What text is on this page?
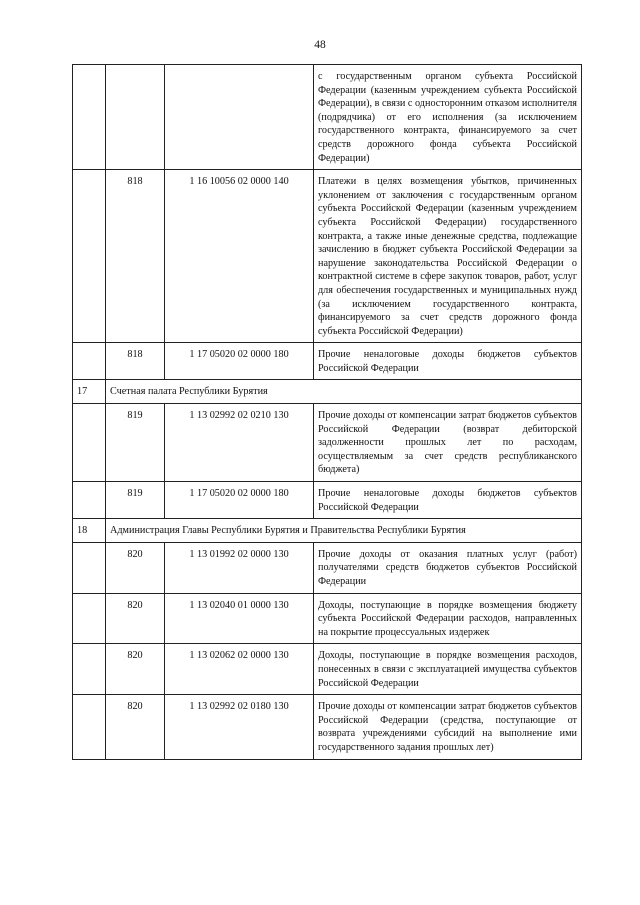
48
			с государственным органом субъекта Российской Федерации (казенным учреждением субъекта Российской Федерации), в связи с односторонним отказом исполнителя (подрядчика) от его исполнения (за исключением государственного контракта, финансируемого за счет средств дорожного фонда субъекта Российской Федерации)
	818	1 16 10056 02 0000 140	Платежи в целях возмещения убытков, причиненных уклонением от заключения с государственным органом субъекта Российской Федерации (казенным учреждением субъекта Российской Федерации) государственного контракта, а также иные денежные средства, подлежащие зачислению в бюджет субъекта Российской Федерации за нарушение законодательства Российской Федерации о контрактной системе в сфере закупок товаров, работ, услуг для обеспечения государственных и муниципальных нужд (за исключением государственного контракта, финансируемого за счет средств дорожного фонда субъекта Российской Федерации)
	818	1 17 05020 02 0000 180	Прочие неналоговые доходы бюджетов субъектов Российской Федерации
17	Счетная палата Республики Бурятия		
	819	1 13 02992 02 0210 130	Прочие доходы от компенсации затрат бюджетов субъектов Российской Федерации (возврат дебиторской задолженности прошлых лет по расходам, осуществляемым за счет средств республиканского бюджета)
	819	1 17 05020 02 0000 180	Прочие неналоговые доходы бюджетов субъектов Российской Федерации
18	Администрация Главы Республики Бурятия и Правительства Республики Бурятия		
	820	1 13 01992 02 0000 130	Прочие доходы от оказания платных услуг (работ) получателями средств бюджетов субъектов Российской Федерации
	820	1 13 02040 01 0000 130	Доходы, поступающие в порядке возмещения бюджету субъекта Российской Федерации расходов, направленных на покрытие процессуальных издержек
	820	1 13 02062 02 0000 130	Доходы, поступающие в порядке возмещения расходов, понесенных в связи с эксплуатацией имущества субъектов Российской Федерации
	820	1 13 02992 02 0180 130	Прочие доходы от компенсации затрат бюджетов субъектов Российской Федерации (средства, поступающие от возврата учреждениями субсидий на выполнение ими государственного задания прошлых лет)
